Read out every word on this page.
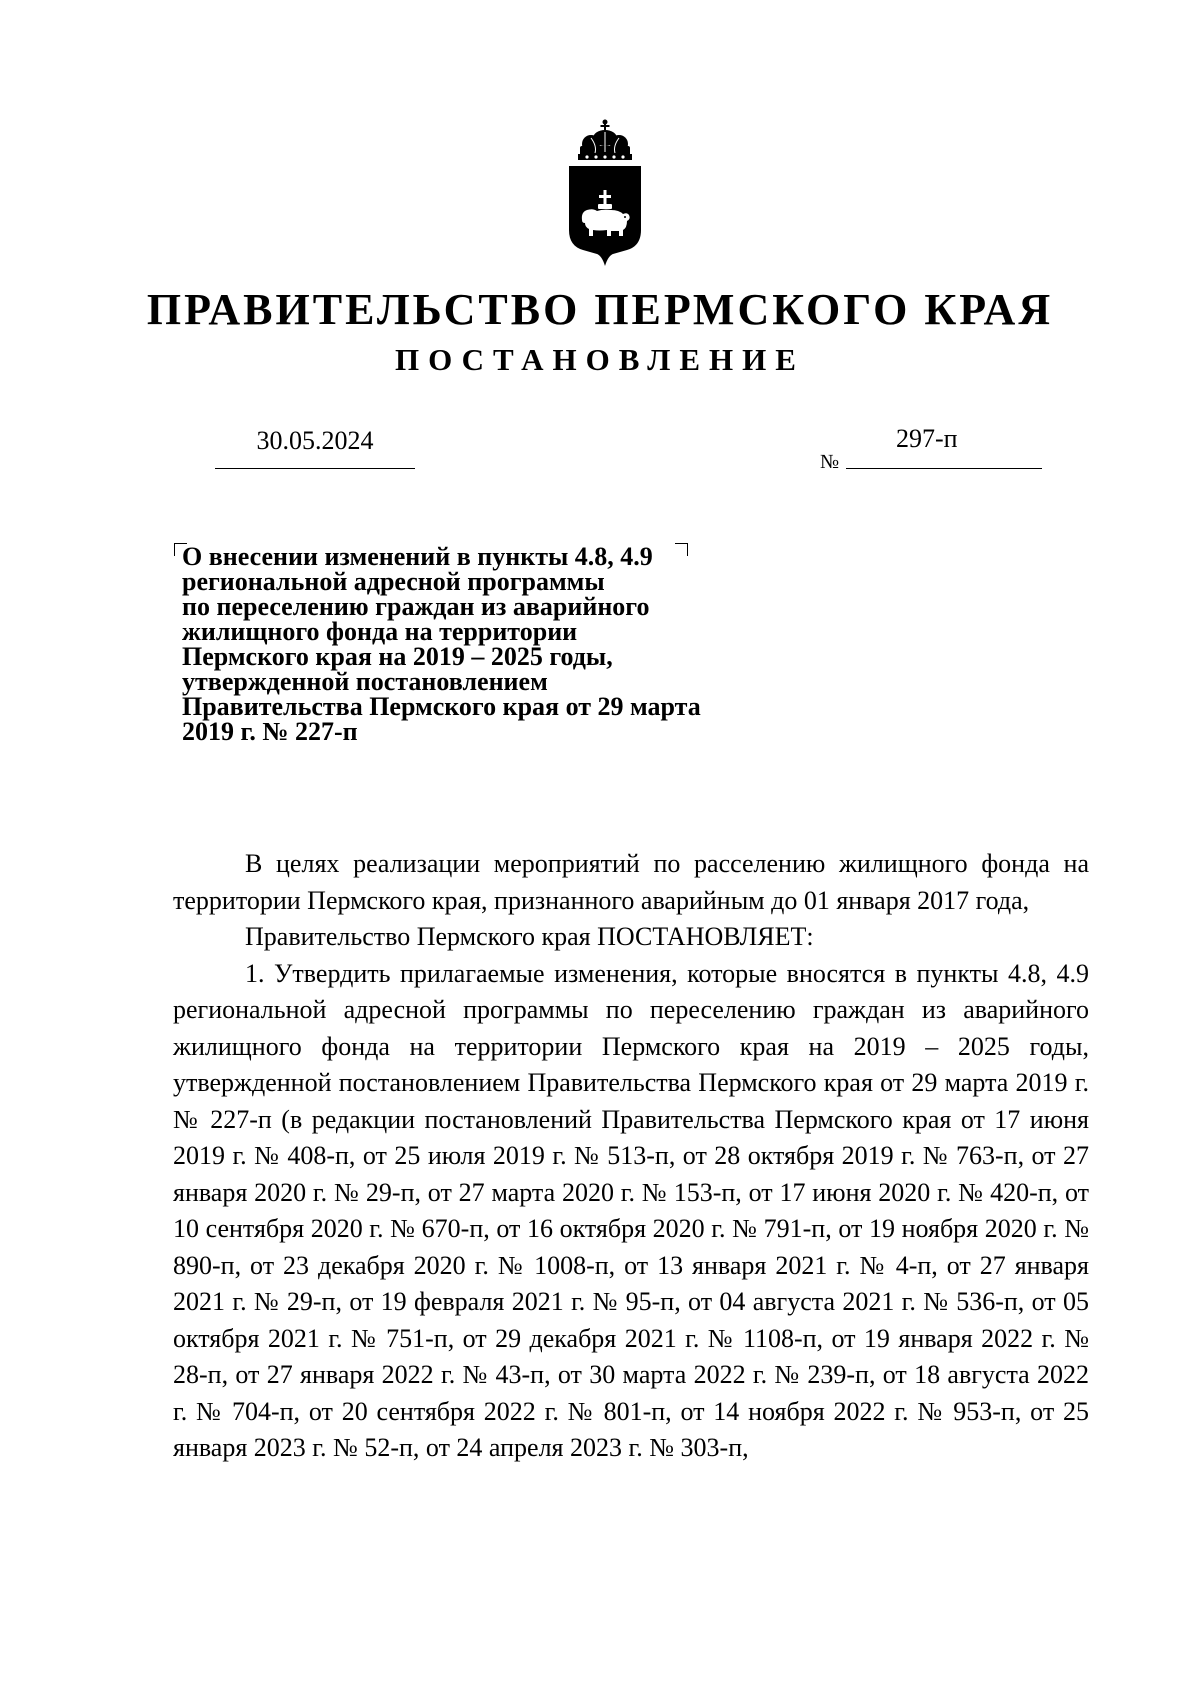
ПРАВИТЕЛЬСТВО ПЕРМСКОГО КРАЯ
ПОСТАНОВЛЕНИЕ
30.05.2024
№
297-п
О внесении изменений в пункты 4.8, 4.9
региональной адресной программы
по переселению граждан из аварийного
жилищного фонда на территории
Пермского края на 2019 – 2025 годы,
утвержденной постановлением
Правительства Пермского края от 29 марта
2019 г. № 227-п

В целях реализации мероприятий по расселению жилищного фонда на территории Пермского края, признанного аварийным до 01 января 2017 года,

Правительство Пермского края ПОСТАНОВЛЯЕТ:

1. Утвердить прилагаемые изменения, которые вносятся в пункты 4.8, 4.9 региональной адресной программы по переселению граждан из аварийного жилищного фонда на территории Пермского края на 2019 – 2025 годы, утвержденной постановлением Правительства Пермского края от 29 марта 2019 г. № 227-п (в редакции постановлений Правительства Пермского края от 17 июня 2019 г. № 408-п, от 25 июля 2019 г. № 513-п, от 28 октября 2019 г. № 763-п, от 27 января 2020 г. № 29-п, от 27 марта 2020 г. № 153-п, от 17 июня 2020 г. № 420-п, от 10 сентября 2020 г. № 670-п, от 16 октября 2020 г. № 791-п, от 19 ноября 2020 г. № 890-п, от 23 декабря 2020 г. № 1008-п, от 13 января 2021 г. № 4-п, от 27 января 2021 г. № 29-п, от 19 февраля 2021 г. № 95-п, от 04 августа 2021 г. № 536-п, от 05 октября 2021 г. № 751-п, от 29 декабря 2021 г. № 1108-п, от 19 января 2022 г. № 28-п, от 27 января 2022 г. № 43-п, от 30 марта 2022 г. № 239-п, от 18 августа 2022 г. № 704-п, от 20 сентября 2022 г. № 801-п, от 14 ноября 2022 г. № 953-п, от 25 января 2023 г. № 52-п, от 24 апреля 2023 г. № 303-п,
